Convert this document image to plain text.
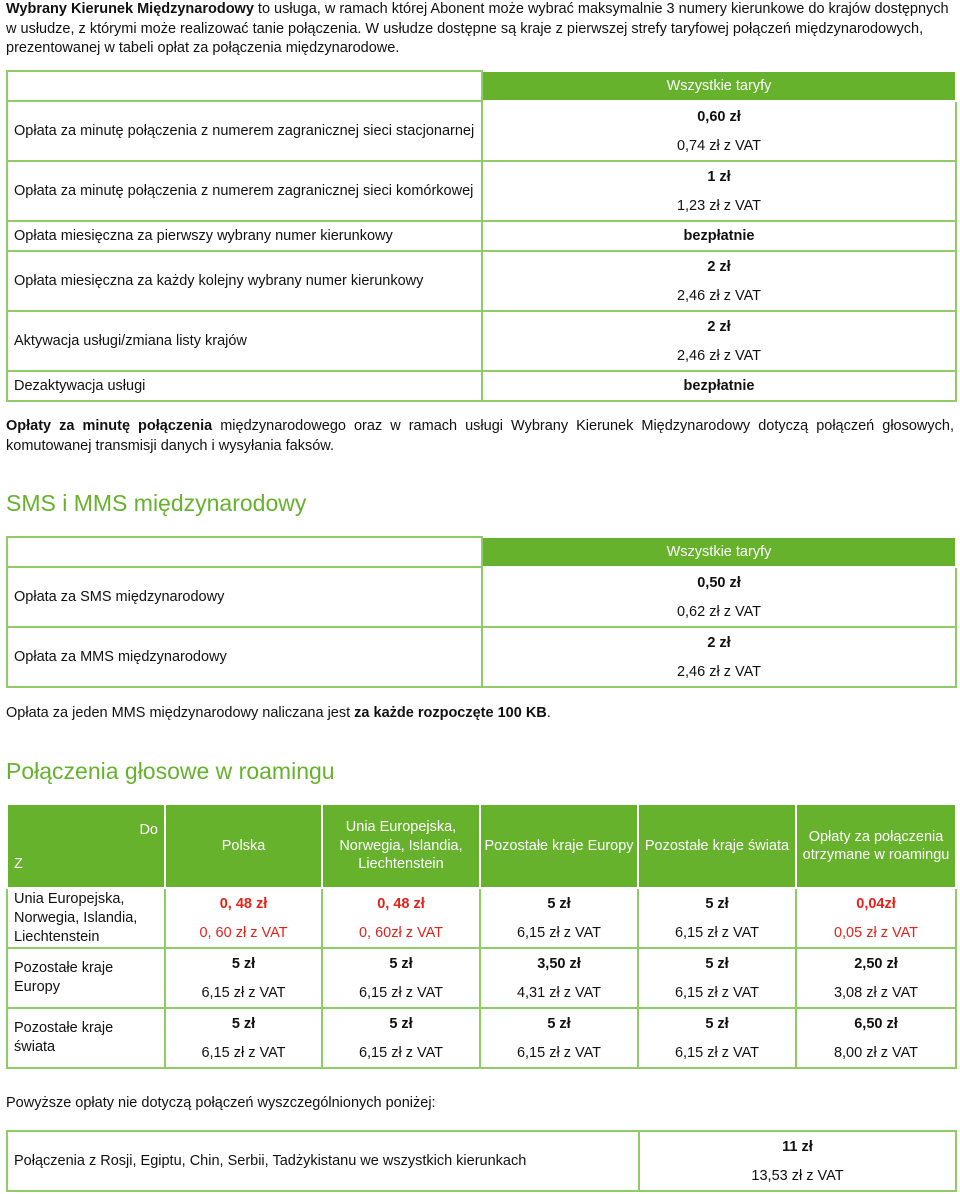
Wybrany Kierunek Międzynarodowy to usługa, w ramach której Abonent może wybrać maksymalnie 3 numery kierunkowe do krajów dostępnych w usłudze, z którymi może realizować tanie połączenia. W usłudze dostępne są kraje z pierwszej strefy taryfowej połączeń międzynarodowych, prezentowanej w tabeli opłat za połączenia międzynarodowe.

	Wszystkie taryfy
Opłata za minutę połączenia z numerem zagranicznej sieci stacjonarnej	0,60 zł
	0,74 zł z VAT
Opłata za minutę połączenia z numerem zagranicznej sieci komórkowej	1 zł
	1,23 zł z VAT
Opłata miesięczna za pierwszy wybrany numer kierunkowy	bezpłatnie
Opłata miesięczna za każdy kolejny wybrany numer kierunkowy	2 zł
	2,46 zł z VAT
Aktywacja usługi/zmiana listy krajów	2 zł
	2,46 zł z VAT
Dezaktywacja usługi	bezpłatnie

Opłaty za minutę połączenia międzynarodowego oraz w ramach usługi Wybrany Kierunek Międzynarodowy dotyczą połączeń głosowych, komutowanej transmisji danych i wysyłania faksów.

SMS i MMS międzynarodowy
	Wszystkie taryfy
Opłata za SMS międzynarodowy	0,50 zł
	0,62 zł z VAT
Opłata za MMS międzynarodowy	2 zł
	2,46 zł z VAT

Opłata za jeden MMS międzynarodowy naliczana jest za każde rozpoczęte 100 KB.

Połączenia głosowe w roamingu
Do
Z	Polska	Unia Europejska, Norwegia, Islandia, Liechtenstein	Pozostałe kraje Europy	Pozostałe kraje świata	Opłaty za połączenia otrzymane w roamingu
Unia Europejska, Norwegia, Islandia, Liechtenstein	0, 48 zł	0, 48 zł	5 zł	5 zł	0,04zł
	0, 60 zł z VAT	0, 60zł z VAT	6,15 zł z VAT	6,15 zł z VAT	0,05 zł z VAT
Pozostałe kraje Europy	5 zł	5 zł	3,50 zł	5 zł	2,50 zł
	6,15 zł z VAT	6,15 zł z VAT	4,31 zł z VAT	6,15 zł z VAT	3,08 zł z VAT
Pozostałe kraje świata	5 zł	5 zł	5 zł	5 zł	6,50 zł
	6,15 zł z VAT	6,15 zł z VAT	6,15 zł z VAT	6,15 zł z VAT	8,00 zł z VAT

Powyższe opłaty nie dotyczą połączeń wyszczególnionych poniżej:

Połączenia z Rosji, Egiptu, Chin, Serbii, Tadżykistanu we wszystkich kierunkach	11 zł
13,53 zł z VAT
